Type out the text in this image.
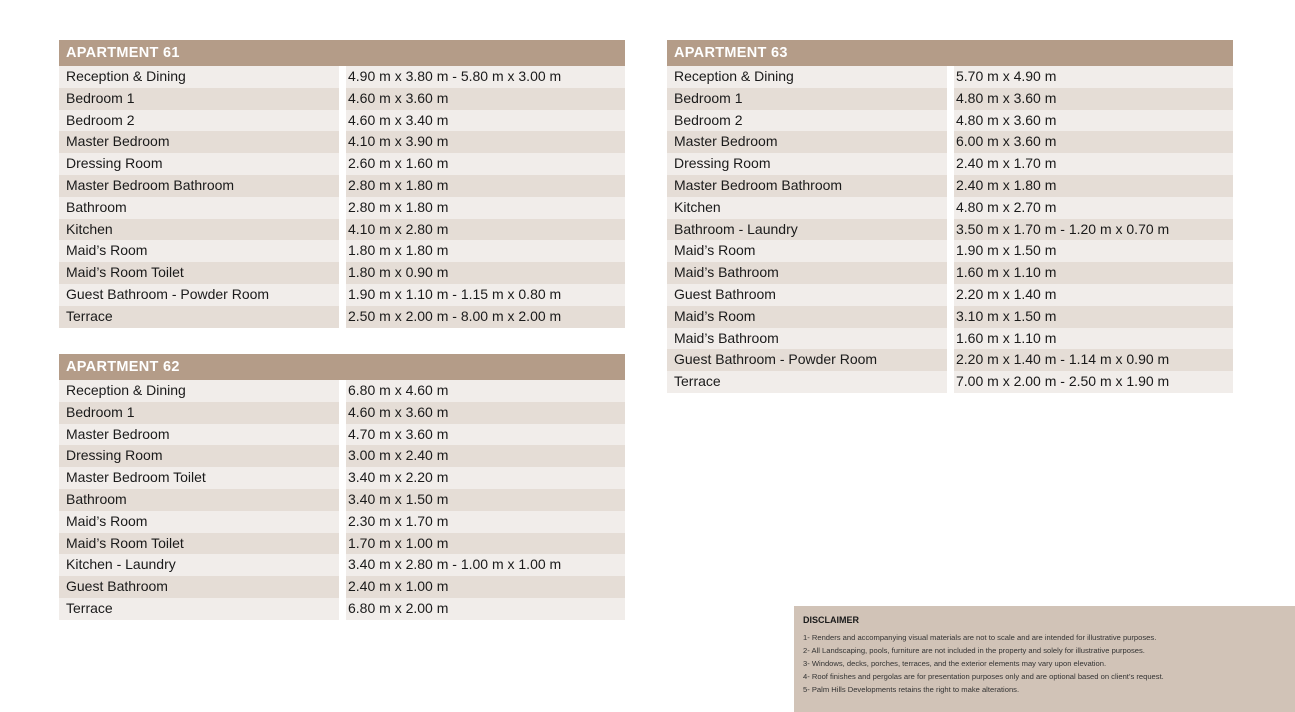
APARTMENT 61
Reception & Dining	4.90 m x 3.80 m - 5.80 m x 3.00 m
Bedroom 1	4.60 m x 3.60 m
Bedroom 2	4.60 m x 3.40 m
Master Bedroom	4.10 m x 3.90 m
Dressing Room	2.60 m x 1.60 m
Master Bedroom Bathroom	2.80 m x 1.80 m
Bathroom	2.80 m x 1.80 m
Kitchen	4.10 m x 2.80 m
Maid’s Room	1.80 m x 1.80 m
Maid’s Room Toilet	1.80 m x 0.90 m
Guest Bathroom - Powder Room	1.90 m x 1.10 m - 1.15 m x 0.80 m
Terrace	2.50 m x 2.00 m - 8.00 m x 2.00 m
APARTMENT 62
Reception & Dining	6.80 m x 4.60 m
Bedroom 1	4.60 m x 3.60 m
Master Bedroom	4.70 m x 3.60 m
Dressing Room	3.00 m x 2.40 m
Master Bedroom Toilet	3.40 m x 2.20 m
Bathroom	3.40 m x 1.50 m
Maid’s Room	2.30 m x 1.70 m
Maid’s Room Toilet	1.70 m x 1.00 m
Kitchen - Laundry	3.40 m x 2.80 m - 1.00 m x 1.00 m
Guest Bathroom	2.40 m x 1.00 m
Terrace	6.80 m x 2.00 m
APARTMENT 63
Reception & Dining	5.70 m x 4.90 m
Bedroom 1	4.80 m x 3.60 m
Bedroom 2	4.80 m x 3.60 m
Master Bedroom	6.00 m x 3.60 m
Dressing Room	2.40 m x 1.70 m
Master Bedroom Bathroom	2.40 m x 1.80 m
Kitchen	4.80 m x 2.70 m
Bathroom - Laundry	3.50 m x 1.70 m - 1.20 m x 0.70 m
Maid’s Room	1.90 m x 1.50 m
Maid’s Bathroom	1.60 m x 1.10 m
Guest Bathroom	2.20 m x 1.40 m
Maid’s Room	3.10 m x 1.50 m
Maid’s Bathroom	1.60 m x 1.10 m
Guest Bathroom - Powder Room	2.20 m x 1.40 m - 1.14 m x 0.90 m
Terrace	7.00 m x 2.00 m - 2.50 m x 1.90 m
DISCLAIMER
1- Renders and accompanying visual materials are not to scale and are intended for illustrative purposes.
2- All Landscaping, pools, furniture are not included in the property and solely for illustrative purposes.
3- Windows, decks, porches, terraces, and the exterior elements may vary upon elevation.
4- Roof finishes and pergolas are for presentation purposes only and are optional based on client’s request.
5- Palm Hills Developments retains the right to make alterations.
